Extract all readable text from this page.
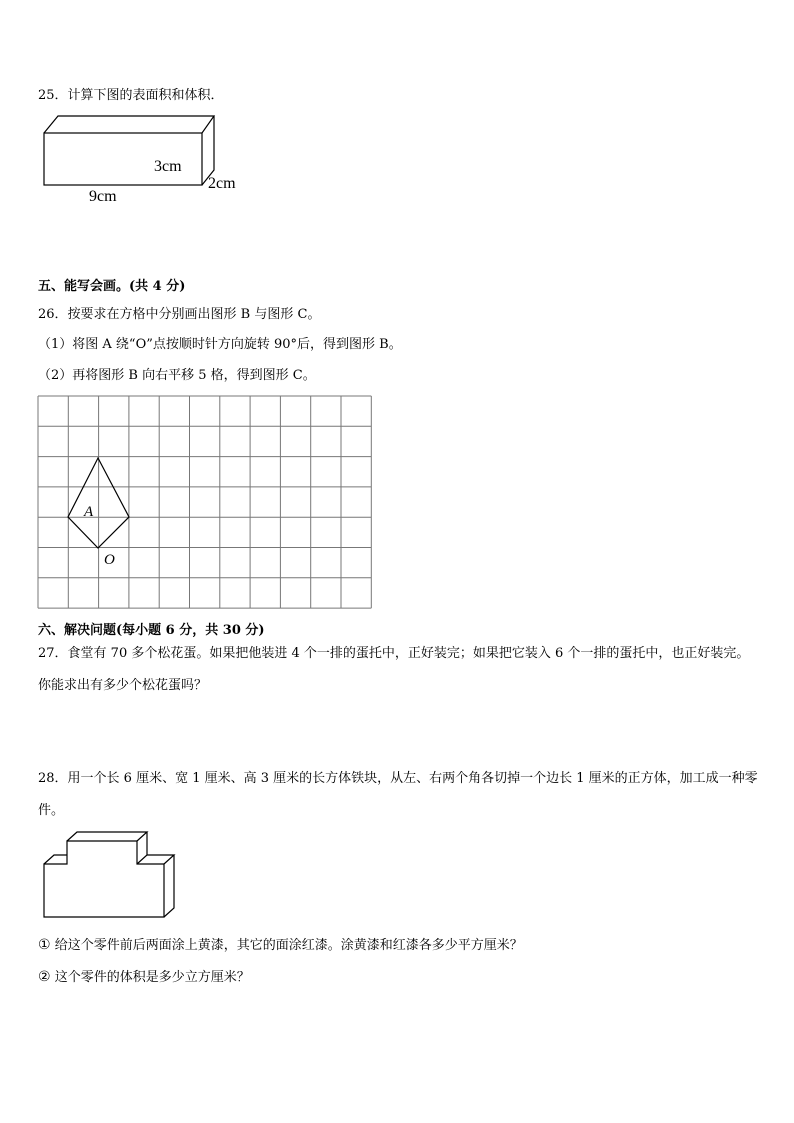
25．计算下图的表面积和体积．
3cm
9cm
2cm
五、能写会画。(共 4 分)
26．按要求在方格中分别画出图形 B 与图形 C。
（1）将图 A 绕“O”点按顺时针方向旋转 90°后，得到图形 B。
（2）再将图形 B 向右平移 5 格，得到图形 C。
A
O
六、解决问题(每小题 6 分，共 30 分)
27．食堂有 70 多个松花蛋。如果把他装进 4 个一排的蛋托中，正好装完；如果把它装入 6 个一排的蛋托中，也正好装完。你能求出有多少个松花蛋吗？
28．用一个长 6 厘米、宽 1 厘米、高 3 厘米的长方体铁块，从左、右两个角各切掉一个边长 1 厘米的正方体，加工成一种零件。
① 给这个零件前后两面涂上黄漆，其它的面涂红漆。涂黄漆和红漆各多少平方厘米？
② 这个零件的体积是多少立方厘米？
